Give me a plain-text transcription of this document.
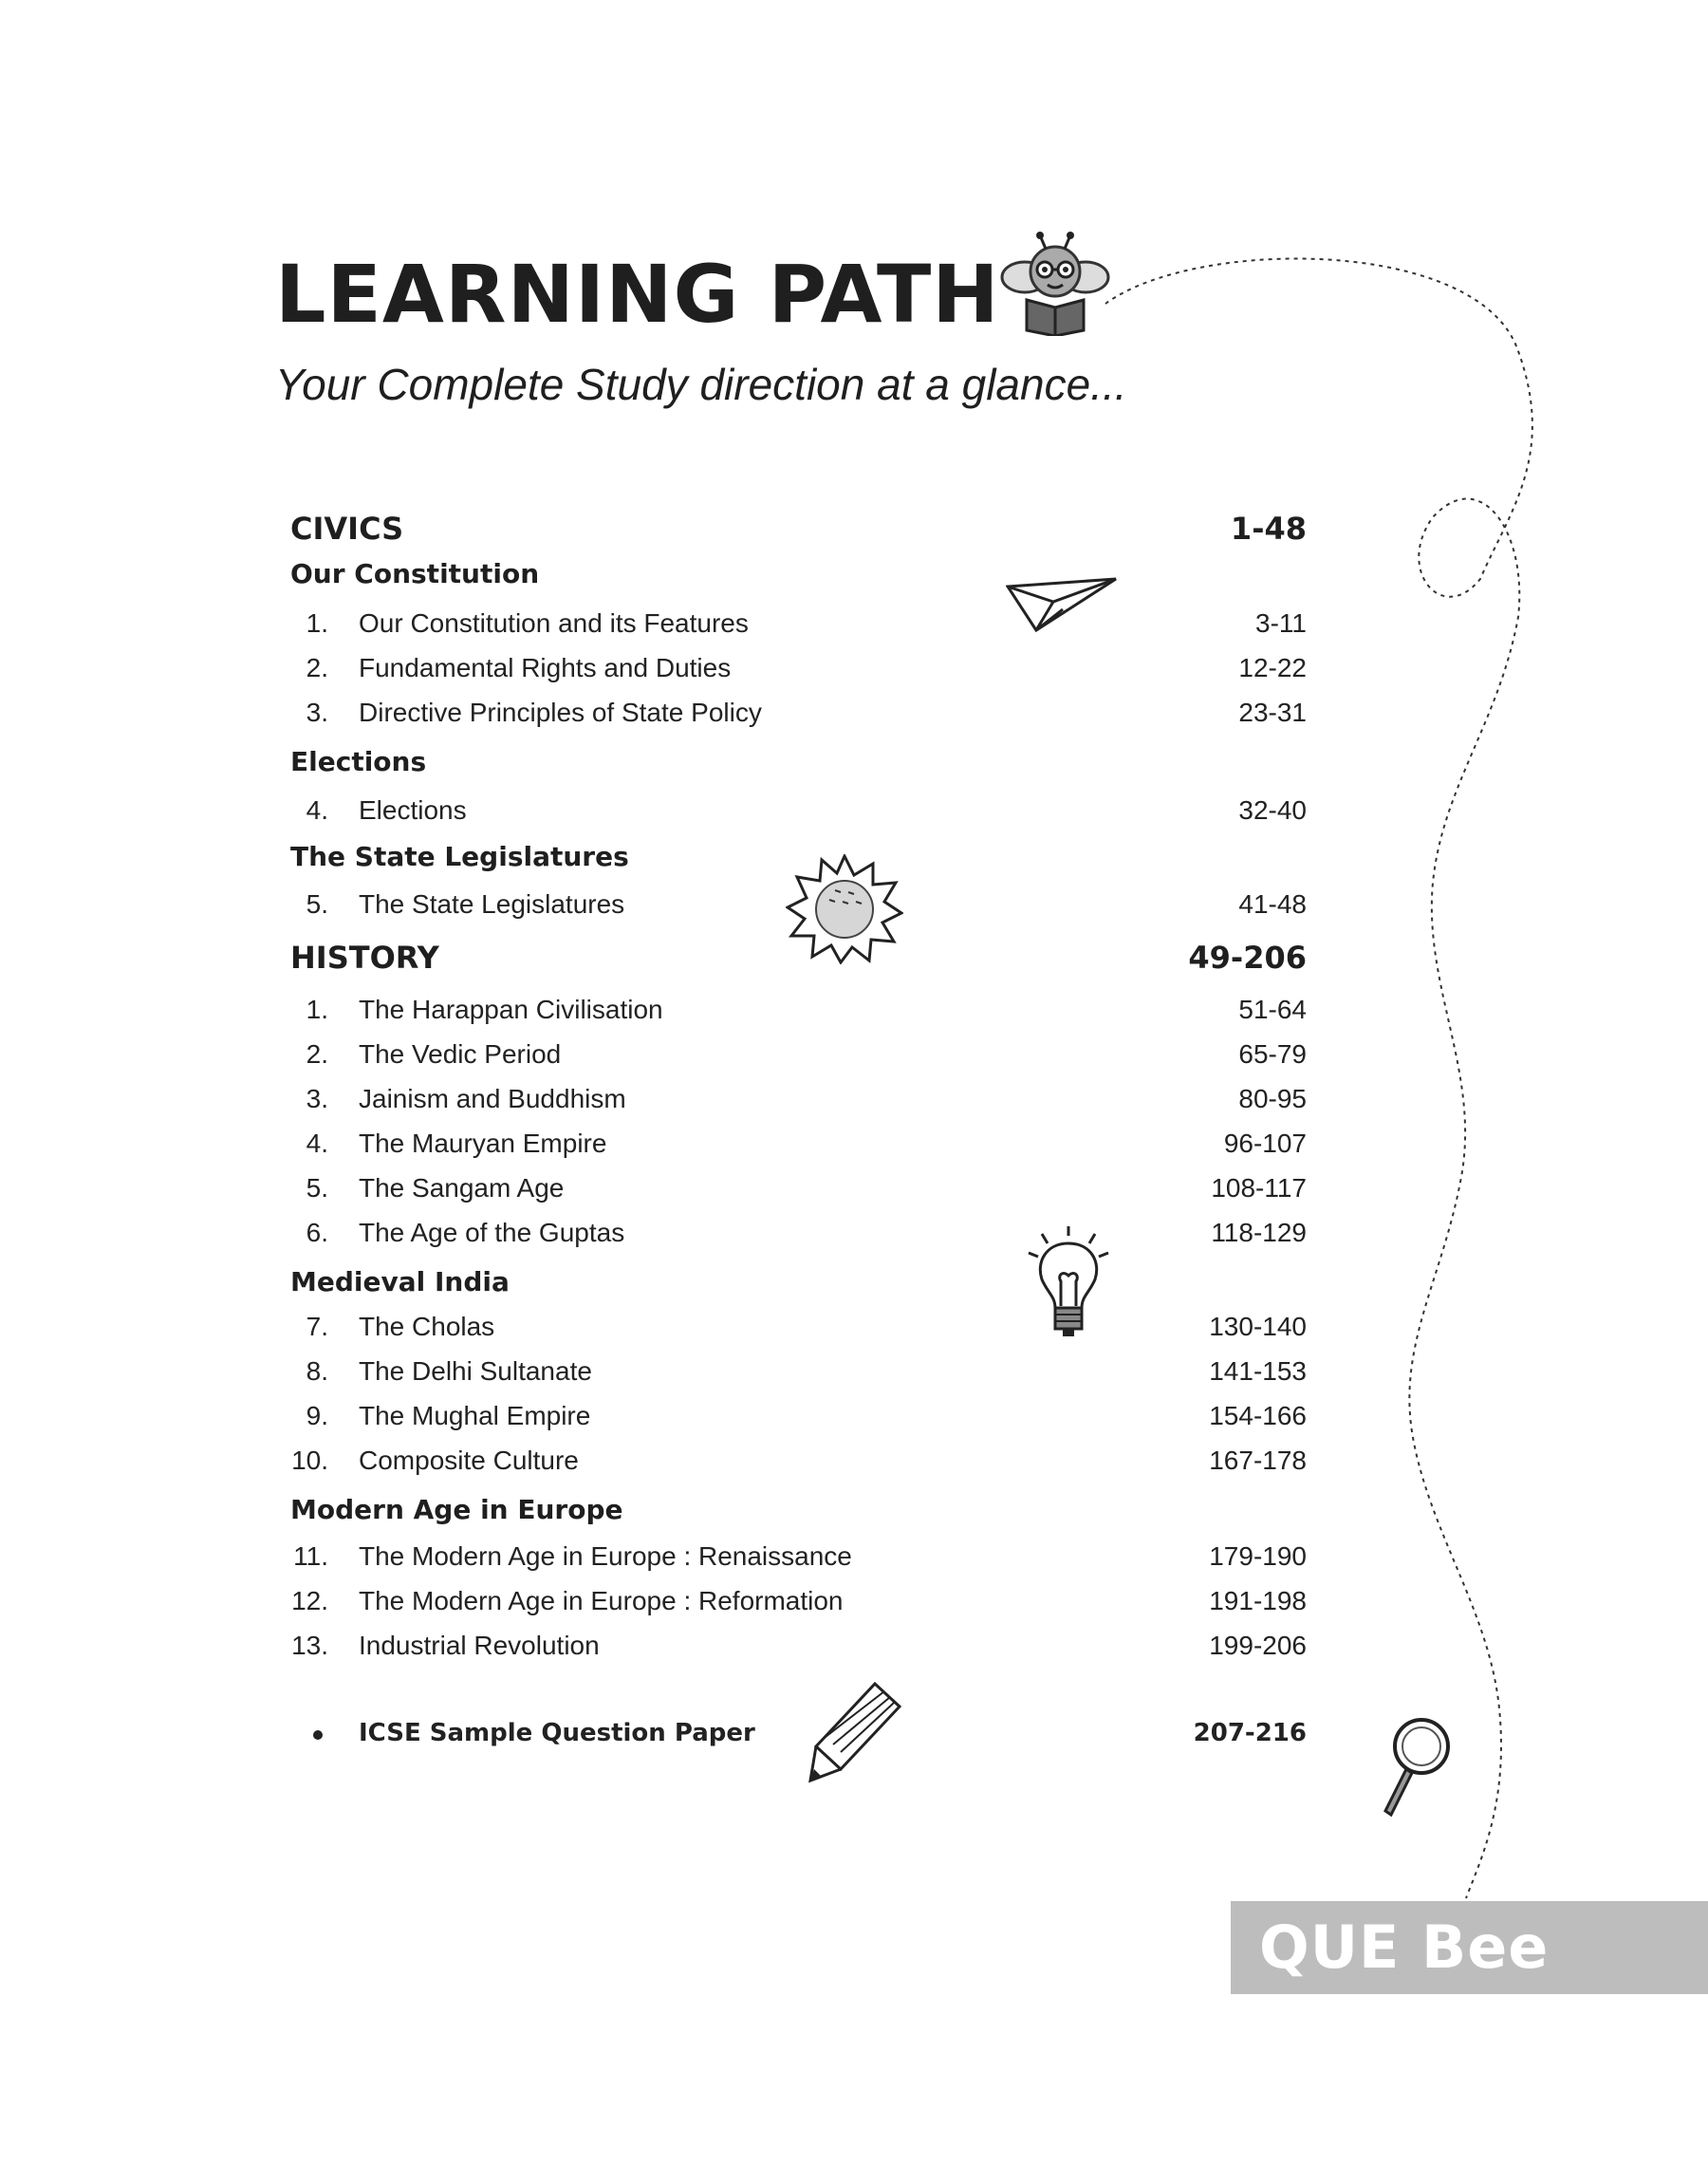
LEARNING PATH
Your Complete Study direction at a glance...
CIVICS	1-48
Our Constitution
1. Our Constitution and its Features	3-11
2. Fundamental Rights and Duties	12-22
3. Directive Principles of State Policy	23-31
Elections
4. Elections	32-40
The State Legislatures
5. The State Legislatures	41-48
HISTORY	49-206
1. The Harappan Civilisation	51-64
2. The Vedic Period	65-79
3. Jainism and Buddhism	80-95
4. The Mauryan Empire	96-107
5. The Sangam Age	108-117
6. The Age of the Guptas	118-129
Medieval India
7. The Cholas	130-140
8. The Delhi Sultanate	141-153
9. The Mughal Empire	154-166
10. Composite Culture	167-178
Modern Age in Europe
11. The Modern Age in Europe : Renaissance	179-190
12. The Modern Age in Europe : Reformation	191-198
13. Industrial Revolution	199-206
ICSE Sample Question Paper	207-216
QUE Bee
